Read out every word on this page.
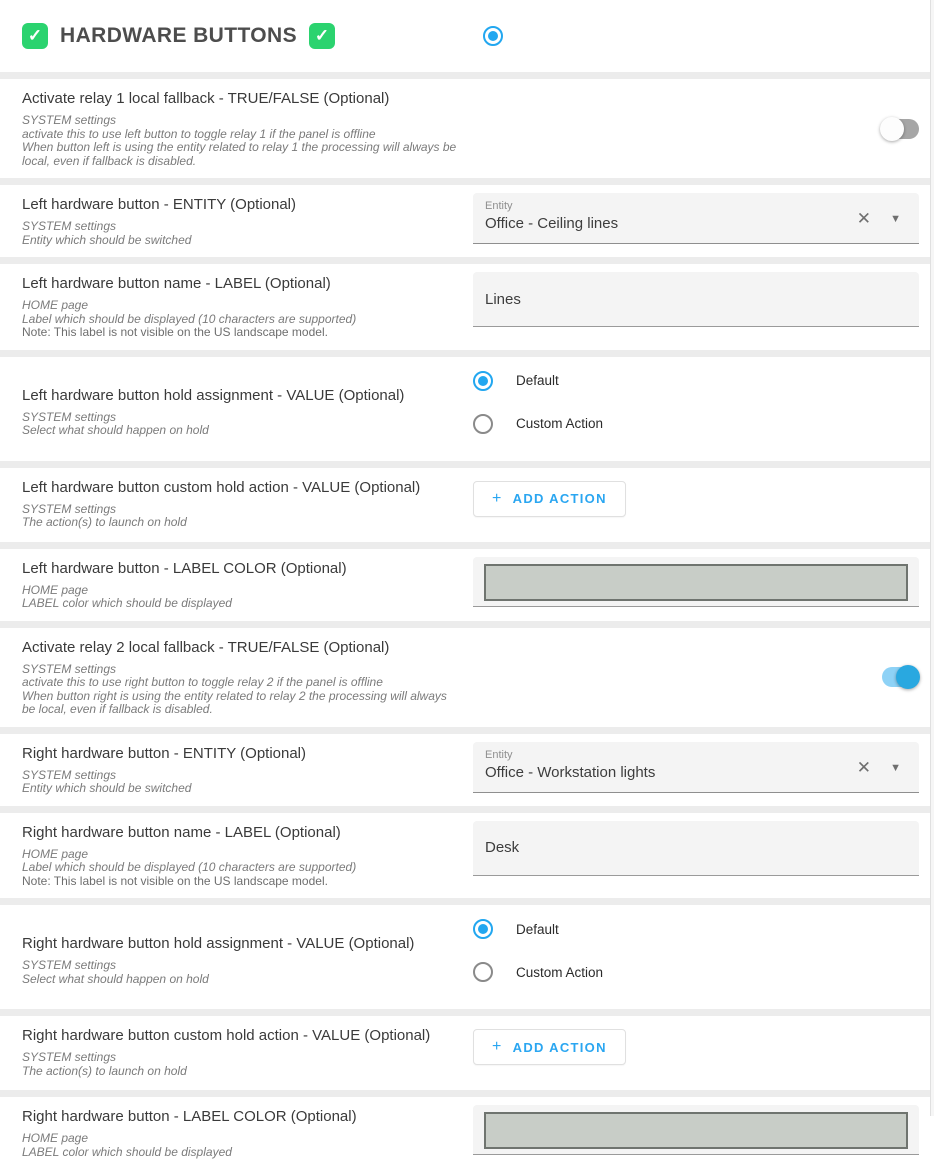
✓ HARDWARE BUTTONS	✓
Activate relay 1 local fallback - TRUE/FALSE (Optional)
SYSTEM settings
activate this to use left button to toggle relay 1 if the panel is offline
When button left is using the entity related to relay 1 the processing will always be local, even if fallback is disabled.
Left hardware button - ENTITY (Optional)
SYSTEM settings
Entity which should be switched
Entity
Office - Ceiling lines	✕ ▼
Left hardware button name - LABEL (Optional)
HOME page
Label which should be displayed (10 characters are supported)
Note: This label is not visible on the US landscape model.
Lines
Left hardware button hold assignment - VALUE (Optional)
SYSTEM settings
Select what should happen on hold
Default
Custom Action
Left hardware button custom hold action - VALUE (Optional)
SYSTEM settings
The action(s) to launch on hold
+ ADD ACTION
Left hardware button - LABEL COLOR (Optional)
HOME page
LABEL color which should be displayed
Activate relay 2 local fallback - TRUE/FALSE (Optional)
SYSTEM settings
activate this to use right button to toggle relay 2 if the panel is offline
When button right is using the entity related to relay 2 the processing will always be local, even if fallback is disabled.
Right hardware button - ENTITY (Optional)
SYSTEM settings
Entity which should be switched
Entity
Office - Workstation lights	✕ ▼
Right hardware button name - LABEL (Optional)
HOME page
Label which should be displayed (10 characters are supported)
Note: This label is not visible on the US landscape model.
Desk
Right hardware button hold assignment - VALUE (Optional)
SYSTEM settings
Select what should happen on hold
Default
Custom Action
Right hardware button custom hold action - VALUE (Optional)
SYSTEM settings
The action(s) to launch on hold
+ ADD ACTION
Right hardware button - LABEL COLOR (Optional)
HOME page
LABEL color which should be displayed
